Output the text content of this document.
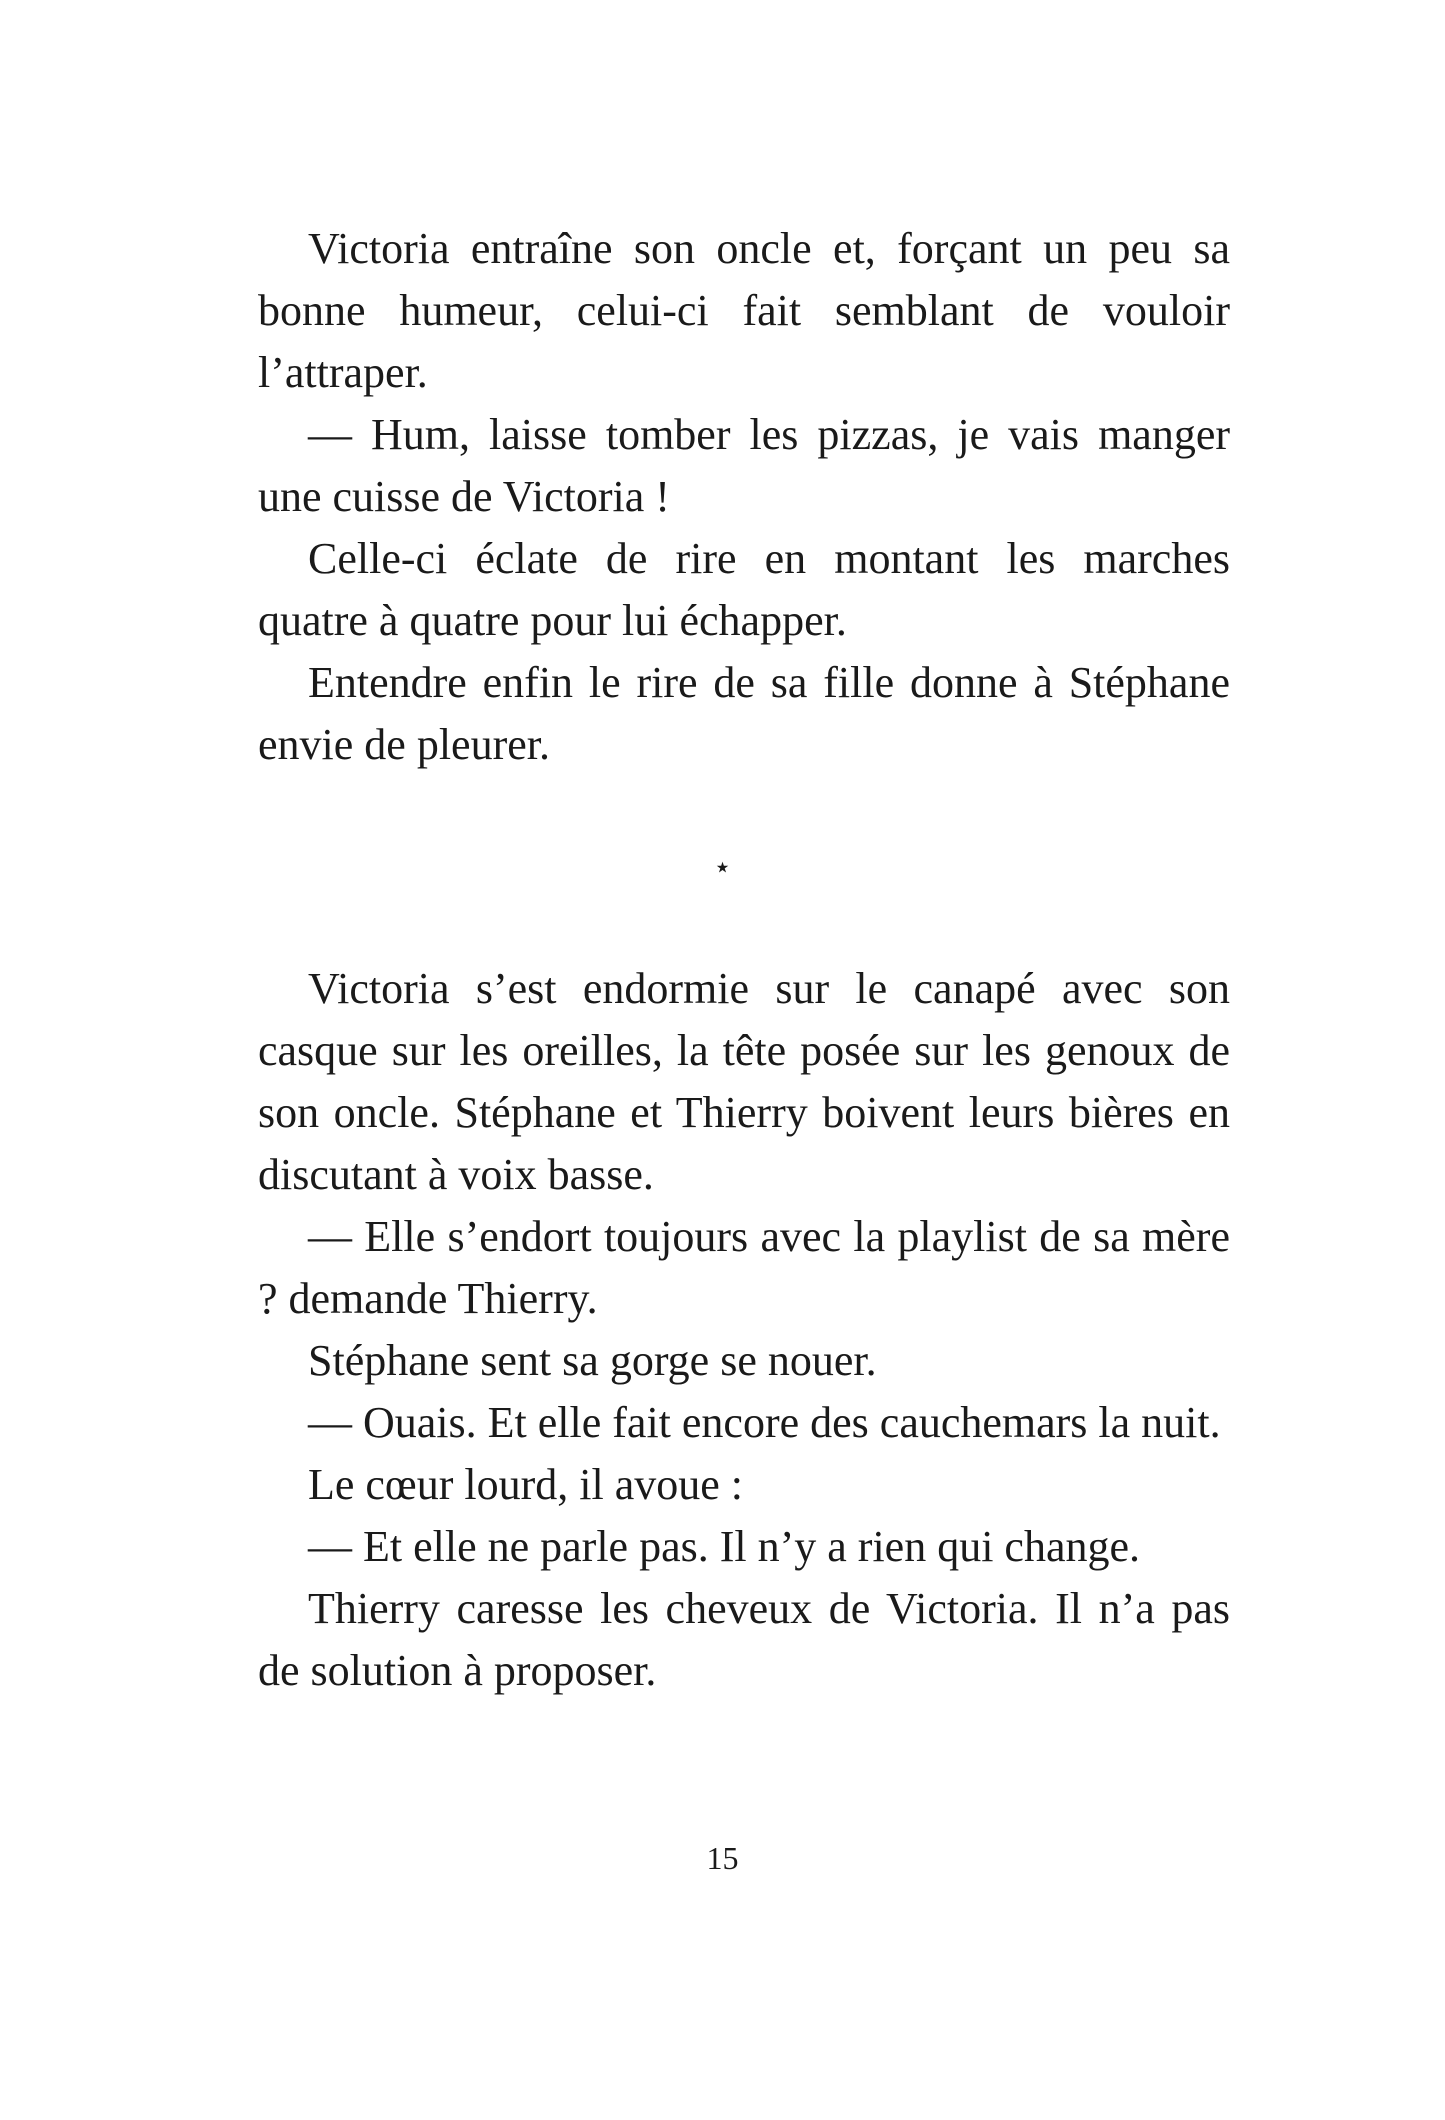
Victoria entraîne son oncle et, forçant un peu sa bonne humeur, celui-ci fait semblant de vouloir l’attraper.

— Hum, laisse tomber les pizzas, je vais manger une cuisse de Victoria !

Celle-ci éclate de rire en montant les marches quatre à quatre pour lui échapper.

Entendre enfin le rire de sa fille donne à Stéphane envie de pleurer.

⋆

Victoria s’est endormie sur le canapé avec son casque sur les oreilles, la tête posée sur les genoux de son oncle. Stéphane et Thierry boivent leurs bières en discutant à voix basse.

— Elle s’endort toujours avec la playlist de sa mère ? demande Thierry.

Stéphane sent sa gorge se nouer.

— Ouais. Et elle fait encore des cauchemars la nuit.

Le cœur lourd, il avoue :

— Et elle ne parle pas. Il n’y a rien qui change.

Thierry caresse les cheveux de Victoria. Il n’a pas de solution à proposer.

15
